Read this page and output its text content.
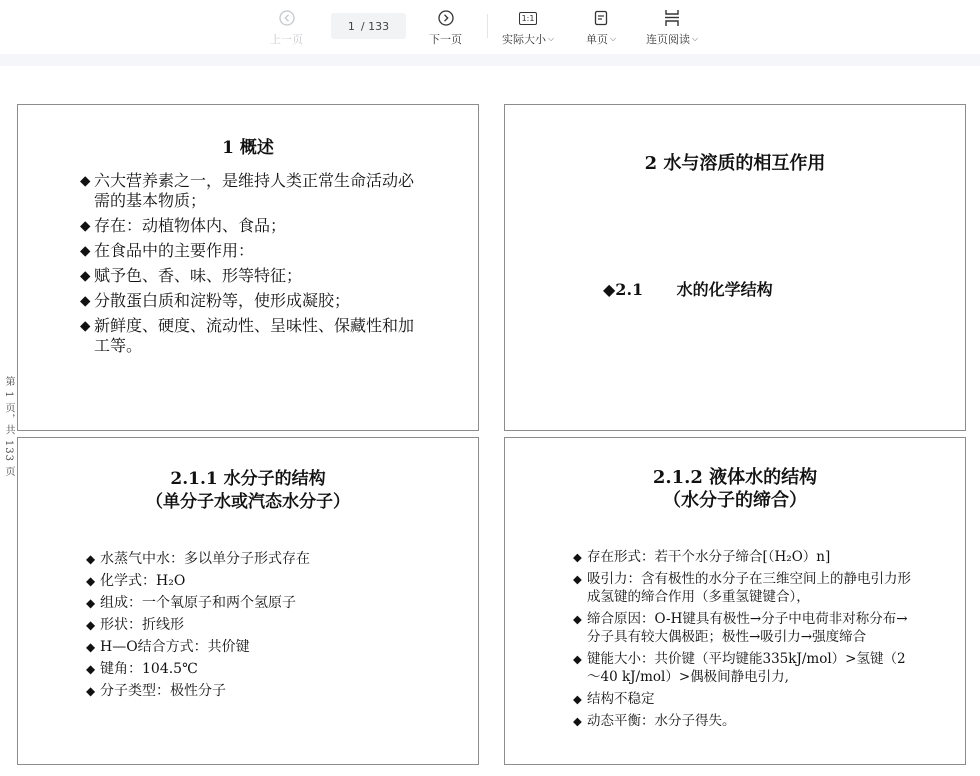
上一页
1 / 133
下一页
1:1
实际大小 ⌵	单页 ⌵	连页阅读 ⌵
第 1 页，共 133 页
1 概述
◆ 六大营养素之一，是维持人类正常生命活动必需的基本物质；
◆ 存在：动植物体内、食品；
◆ 在食品中的主要作用：
◆ 赋予色、香、味、形等特征；
◆ 分散蛋白质和淀粉等，使形成凝胶；
◆ 新鲜度、硬度、流动性、呈味性、保藏性和加工等。
2 水与溶质的相互作用
◆2.1      水的化学结构
2.1.1 水分子的结构
（单分子水或汽态水分子）
◆ 水蒸气中水：多以单分子形式存在
◆ 化学式：H₂O
◆ 组成：一个氧原子和两个氢原子
◆ 形状：折线形
◆ H—O结合方式：共价键
◆ 键角：104.5℃
◆ 分子类型：极性分子
2.1.2 液体水的结构
（水分子的缔合）
◆ 存在形式：若干个水分子缔合[（H₂O）n]
◆ 吸引力：含有极性的水分子在三维空间上的静电引力形成氢键的缔合作用（多重氢键键合），
◆ 缔合原因：O-H键具有极性→分子中电荷非对称分布→分子具有较大偶极距；极性→吸引力→强度缔合
◆ 键能大小：共价键（平均键能335kJ/mol）>氢键（2～40 kJ/mol）>偶极间静电引力,
◆ 结构不稳定
◆ 动态平衡：水分子得失。
